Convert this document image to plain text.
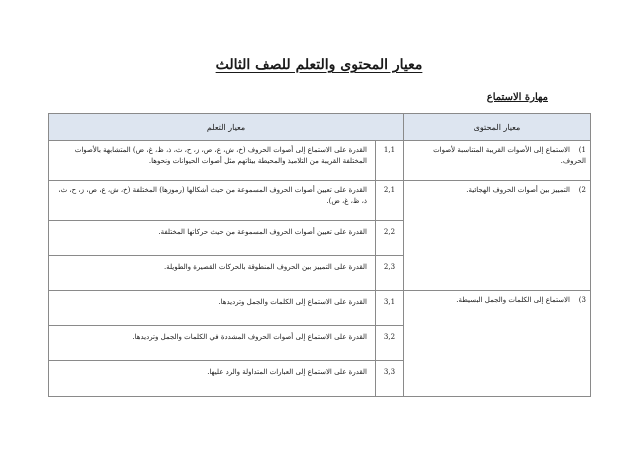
معيار المحتوى والتعلم للصف الثالث
مهارة الاستماع
معيار المحتوى	معيار التعلم	
1)الاستماع إلى الأصوات القريبة المتناسبة لأصوات الحروف.	1,1	القدرة على الاستماع إلى أصوات الحروف (خ، ش، ع، ص، ز، ح، ث، ذ، ظ، غ، ض) المتشابهة بالأصوات المختلفة القريبة من التلاميذ والمحيطة بيئاتهم مثل أصوات الحيوانات ونحوها.
2)التمييز بين أصوات الحروف الهجائية.	2,1	القدرة على تعيين أصوات الحروف المسموعة من حيث أشكالها (رموزها) المختلفة (خ، ش، ع، ص، ز، ح، ث، ذ، ظ، غ، ض).
	2,2	القدرة على تعيين أصوات الحروف المسموعة من حيث حركاتها المختلفة.
	2,3	القدرة على التمييز بين الحروف المنطوقة بالحركات القصيرة والطويلة.
3)الاستماع إلى الكلمات والجمل البسيطة.	3,1	القدرة على الاستماع إلى الكلمات والجمل وترديدها.
	3,2	القدرة على الاستماع إلى أصوات الحروف المشددة في الكلمات والجمل وترديدها.
	3,3	القدرة على الاستماع إلى العبارات المتداولة والرد عليها.
